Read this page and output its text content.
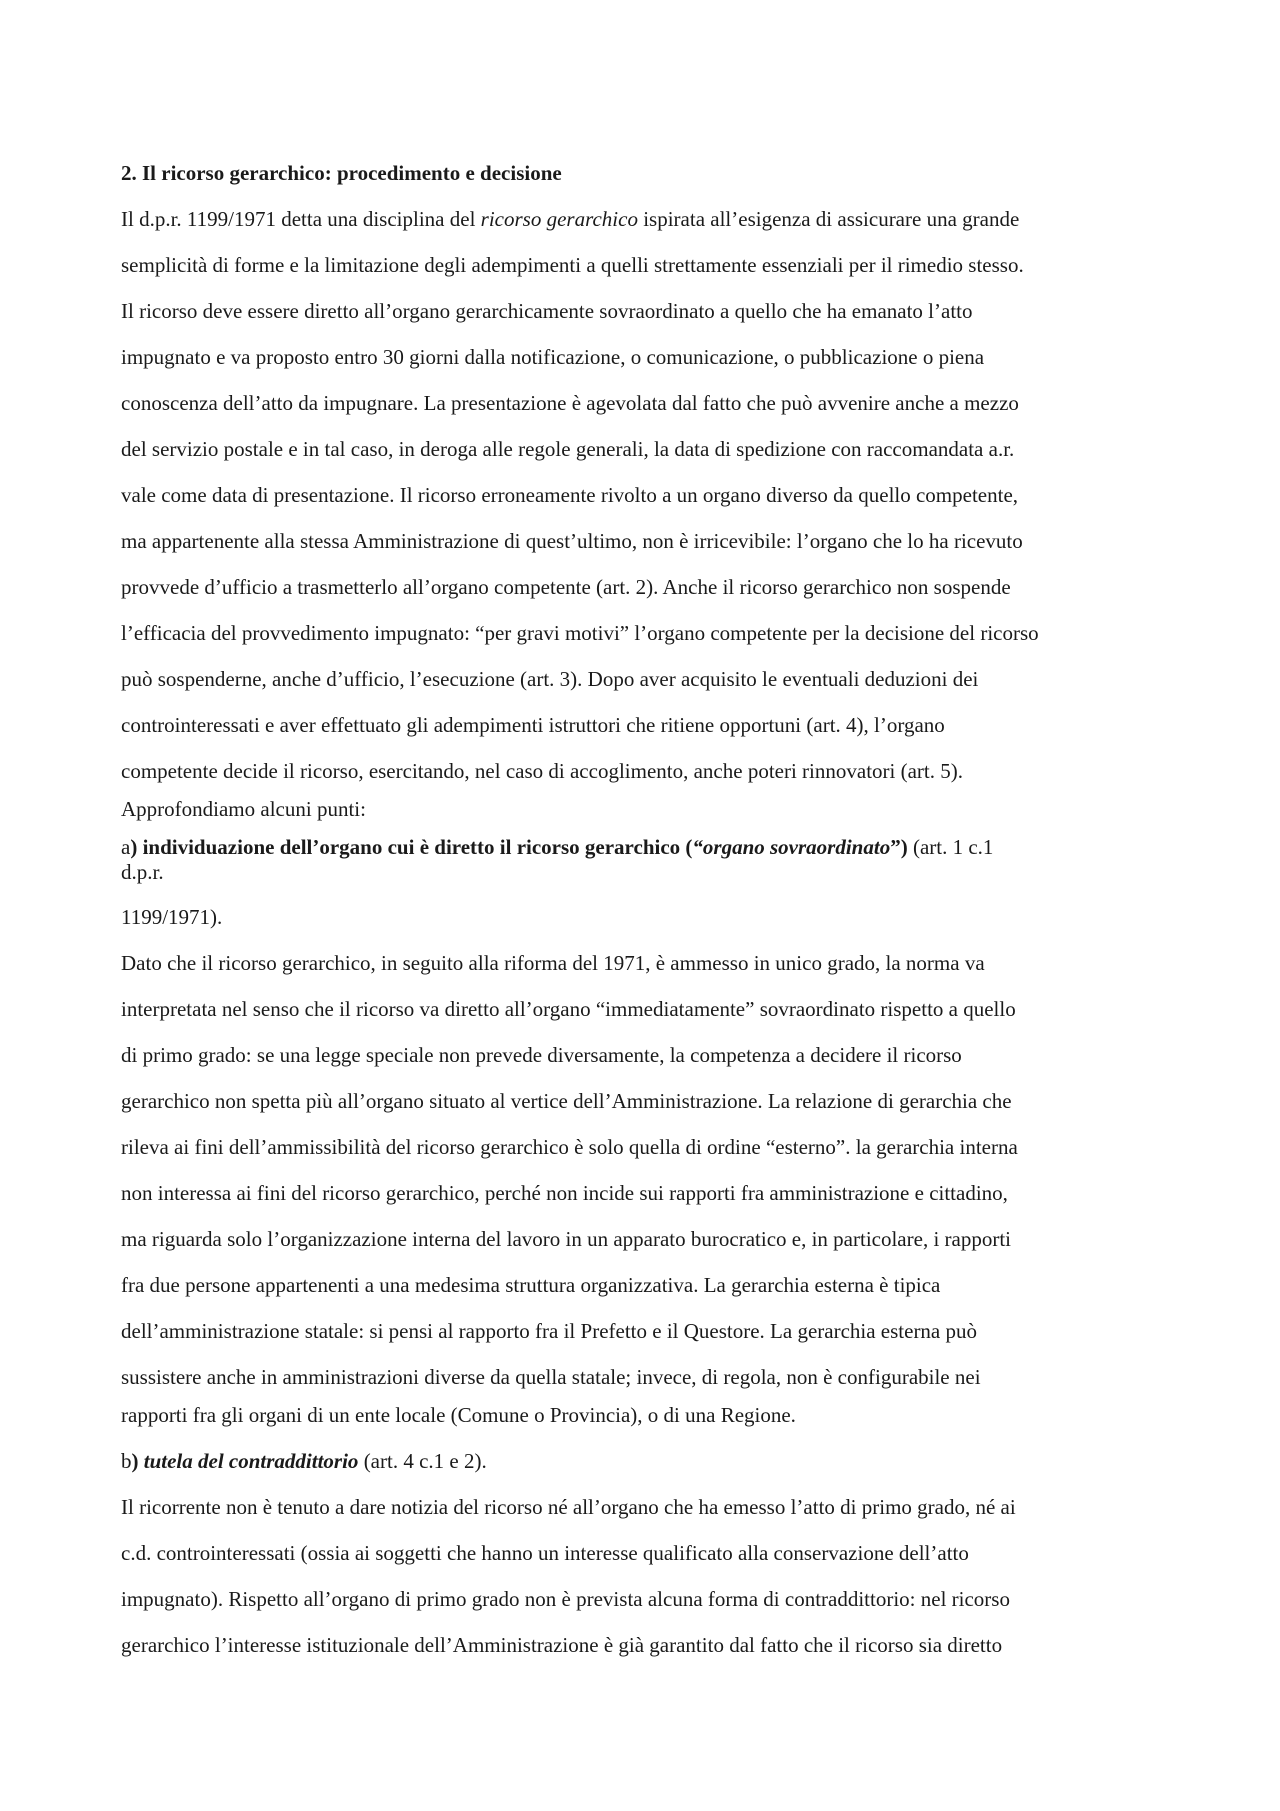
2. Il ricorso gerarchico: procedimento e decisione
Il d.p.r. 1199/1971 detta una disciplina del ricorso gerarchico ispirata all’esigenza di assicurare una grande
semplicità di forme e la limitazione degli adempimenti a quelli strettamente essenziali per il rimedio stesso.
Il ricorso deve essere diretto all’organo gerarchicamente sovraordinato a quello che ha emanato l’atto
impugnato e va proposto entro 30 giorni dalla notificazione, o comunicazione, o pubblicazione o piena
conoscenza dell’atto da impugnare. La presentazione è agevolata dal fatto che può avvenire anche a mezzo
del servizio postale e in tal caso, in deroga alle regole generali, la data di spedizione con raccomandata a.r.
vale come data di presentazione. Il ricorso erroneamente rivolto a un organo diverso da quello competente,
ma appartenente alla stessa Amministrazione di quest’ultimo, non è irricevibile: l’organo che lo ha ricevuto
provvede d’ufficio a trasmetterlo all’organo competente (art. 2). Anche il ricorso gerarchico non sospende
l’efficacia del provvedimento impugnato: “per gravi motivi” l’organo competente per la decisione del ricorso
può sospenderne, anche d’ufficio, l’esecuzione (art. 3). Dopo aver acquisito le eventuali deduzioni dei
controinteressati e aver effettuato gli adempimenti istruttori che ritiene opportuni (art. 4), l’organo
competente decide il ricorso, esercitando, nel caso di accoglimento, anche poteri rinnovatori (art. 5).
Approfondiamo alcuni punti:
a) individuazione dell’organo cui è diretto il ricorso gerarchico (“organo sovraordinato”) (art. 1 c.1
d.p.r.
1199/1971).
Dato che il ricorso gerarchico, in seguito alla riforma del 1971, è ammesso in unico grado, la norma va
interpretata nel senso che il ricorso va diretto all’organo “immediatamente” sovraordinato rispetto a quello
di primo grado: se una legge speciale non prevede diversamente, la competenza a decidere il ricorso
gerarchico non spetta più all’organo situato al vertice dell’Amministrazione. La relazione di gerarchia che
rileva ai fini dell’ammissibilità del ricorso gerarchico è solo quella di ordine “esterno”. la gerarchia interna
non interessa ai fini del ricorso gerarchico, perché non incide sui rapporti fra amministrazione e cittadino,
ma riguarda solo l’organizzazione interna del lavoro in un apparato burocratico e, in particolare, i rapporti
fra due persone appartenenti a una medesima struttura organizzativa. La gerarchia esterna è tipica
dell’amministrazione statale: si pensi al rapporto fra il Prefetto e il Questore. La gerarchia esterna può
sussistere anche in amministrazioni diverse da quella statale; invece, di regola, non è configurabile nei
rapporti fra gli organi di un ente locale (Comune o Provincia), o di una Regione.
b) tutela del contraddittorio (art. 4 c.1 e 2).
Il ricorrente non è tenuto a dare notizia del ricorso né all’organo che ha emesso l’atto di primo grado, né ai
c.d. controinteressati (ossia ai soggetti che hanno un interesse qualificato alla conservazione dell’atto
impugnato). Rispetto all’organo di primo grado non è prevista alcuna forma di contraddittorio: nel ricorso
gerarchico l’interesse istituzionale dell’Amministrazione è già garantito dal fatto che il ricorso sia diretto
